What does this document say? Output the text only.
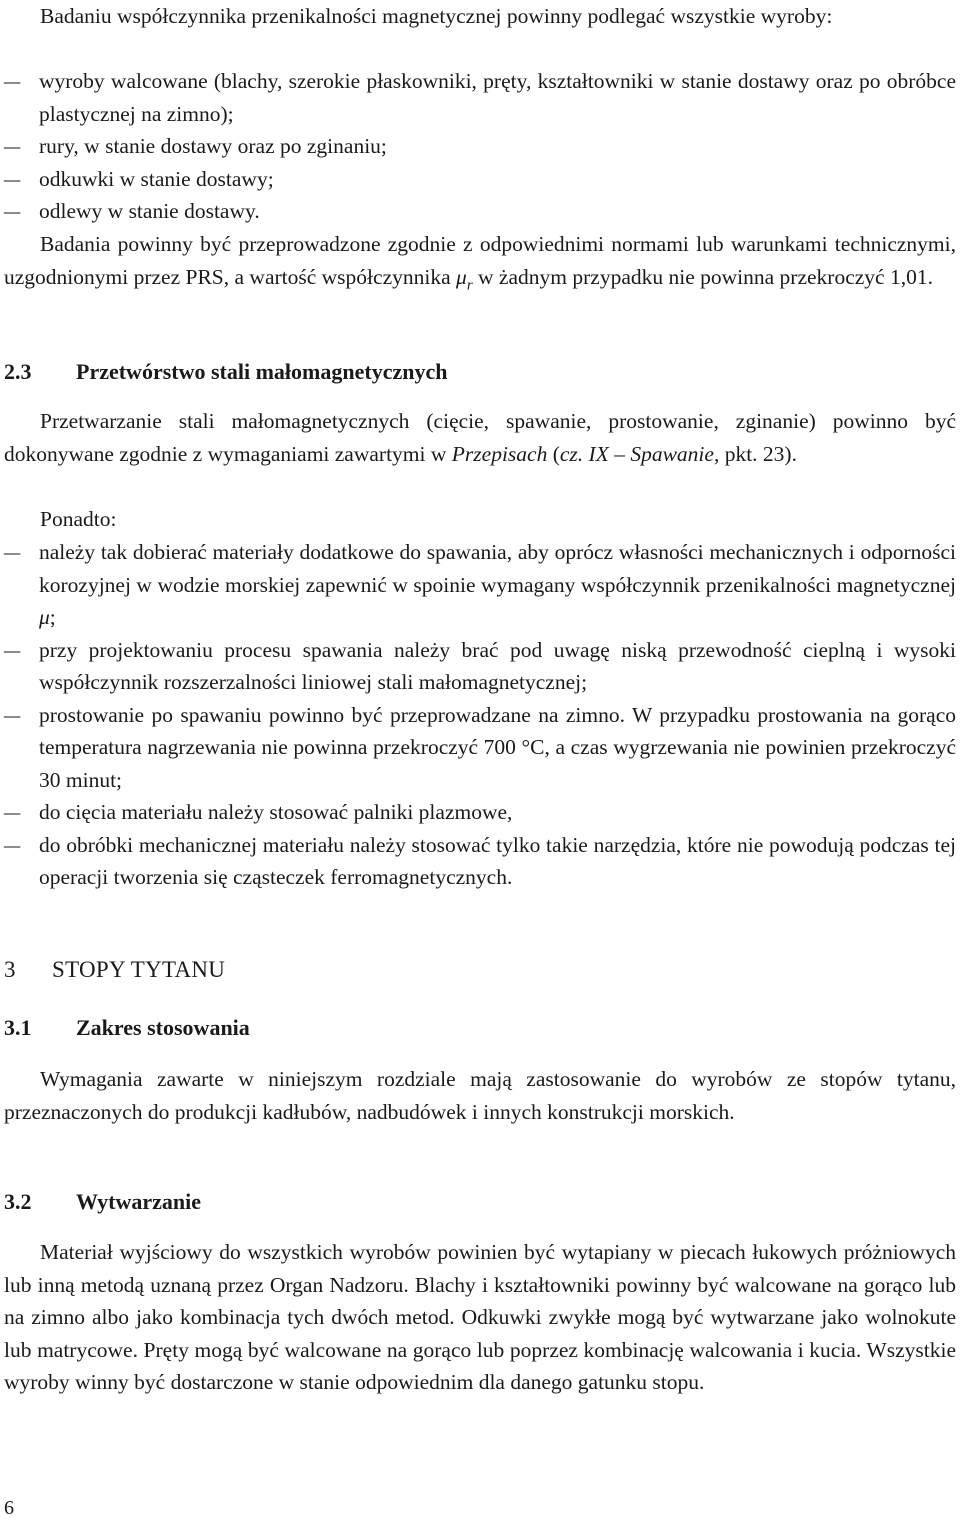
Badaniu współczynnika przenikalności magnetycznej powinny podlegać wszystkie wyroby:

–
wyroby walcowane (blachy, szerokie płaskowniki, pręty, kształtowniki w stanie dostawy oraz po obróbce plastycznej na zimno);
–
rury, w stanie dostawy oraz po zginaniu;
–
odkuwki w stanie dostawy;
–
odlewy w stanie dostawy.

Badania powinny być przeprowadzone zgodnie z odpowiednimi normami lub warunkami technicznymi, uzgodnionymi przez PRS, a wartość współczynnika $\mu_r$ w żadnym przypadku nie powinna przekroczyć 1,01.

2.3	Przetwórstwo stali małomagnetycznych

Przetwarzanie stali małomagnetycznych (cięcie, spawanie, prostowanie, zginanie) powinno być dokonywane zgodnie z wymaganiami zawartymi w Przepisach (cz. IX – Spawanie, pkt. 23).

Ponadto:

–
należy tak dobierać materiały dodatkowe do spawania, aby oprócz własności mechanicznych i odporności korozyjnej w wodzie morskiej zapewnić w spoinie wymagany współczynnik przenikalności magnetycznej μ;
–
przy projektowaniu procesu spawania należy brać pod uwagę niską przewodność cieplną i wysoki współczynnik rozszerzalności liniowej stali małomagnetycznej;
–
prostowanie po spawaniu powinno być przeprowadzane na zimno. W przypadku prostowania na gorąco temperatura nagrzewania nie powinna przekroczyć 700 °C, a czas wygrzewania nie powinien przekroczyć 30 minut;
–
do cięcia materiału należy stosować palniki plazmowe,
–
do obróbki mechanicznej materiału należy stosować tylko takie narzędzia, które nie powodują podczas tej operacji tworzenia się cząsteczek ferromagnetycznych.
3	STOPY TYTANU
3.1	Zakres stosowania

Wymagania zawarte w niniejszym rozdziale mają zastosowanie do wyrobów ze stopów tytanu, przeznaczonych do produkcji kadłubów, nadbudówek i innych konstrukcji morskich.

3.2	Wytwarzanie

Materiał wyjściowy do wszystkich wyrobów powinien być wytapiany w piecach łukowych próżniowych lub inną metodą uznaną przez Organ Nadzoru. Blachy i kształtowniki powinny być walcowane na gorąco lub na zimno albo jako kombinacja tych dwóch metod. Odkuwki zwykłe mogą być wytwarzane jako wolnokute lub matrycowe. Pręty mogą być walcowane na gorąco lub poprzez kombinację walcowania i kucia. Wszystkie wyroby winny być dostarczone w stanie odpowiednim dla danego gatunku stopu.

6
